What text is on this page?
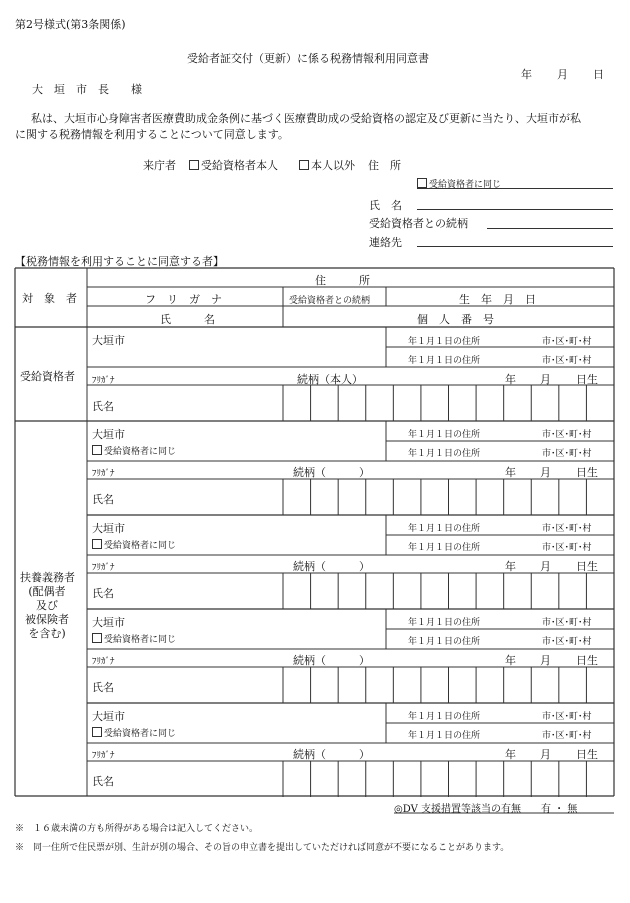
第2号様式(第3条関係)
受給者証交付（更新）に係る税務情報利用同意書
年 月 日
大　垣　市　長　　様
私は、大垣市心身障害者医療費助成金条例に基づく医療費助成の受給資格の認定及び更新に当たり、大垣市が私
に関する税務情報を利用することについて同意します。
来庁者	受給資格者本人	本人以外 住　所
受給資格者に同じ
氏　名
受給資格者との続柄
連絡先
【税務情報を利用することに同意する者】
対　象　者
住　　　所
フ　リ　ガ　ナ	受給資格者との続柄	生　年　月　日
氏　　　名	個　人　番　号
受給資格者
大垣市	年１月１日の住所	市･区･町･村
年１月１日の住所	市･区･町･村
ﾌﾘｶﾞﾅ	続柄（本人）	年 月 日生
氏名
扶養義務者
(配偶者
及び
被保険者
を含む)
大垣市
受給資格者に同じ
年１月１日の住所	市･区･町･村
年１月１日の住所	市･区･町･村
ﾌﾘｶﾞﾅ	続柄（　　　）	年 月 日生
氏名
大垣市
受給資格者に同じ
年１月１日の住所	市･区･町･村
年１月１日の住所	市･区･町･村
ﾌﾘｶﾞﾅ	続柄（　　　）	年 月 日生
氏名
大垣市
受給資格者に同じ
年１月１日の住所	市･区･町･村
年１月１日の住所	市･区･町･村
ﾌﾘｶﾞﾅ	続柄（　　　）	年 月 日生
氏名
大垣市
受給資格者に同じ
年１月１日の住所	市･区･町･村
年１月１日の住所	市･区･町･村
ﾌﾘｶﾞﾅ	続柄（　　　）	年 月 日生
氏名
◎DV 支援措置等該当の有無　　有 ・ 無
※　１６歳未満の方も所得がある場合は記入してください。
※　同一住所で住民票が別、生計が別の場合、その旨の申立書を提出していただければ同意が不要になることがあります。
